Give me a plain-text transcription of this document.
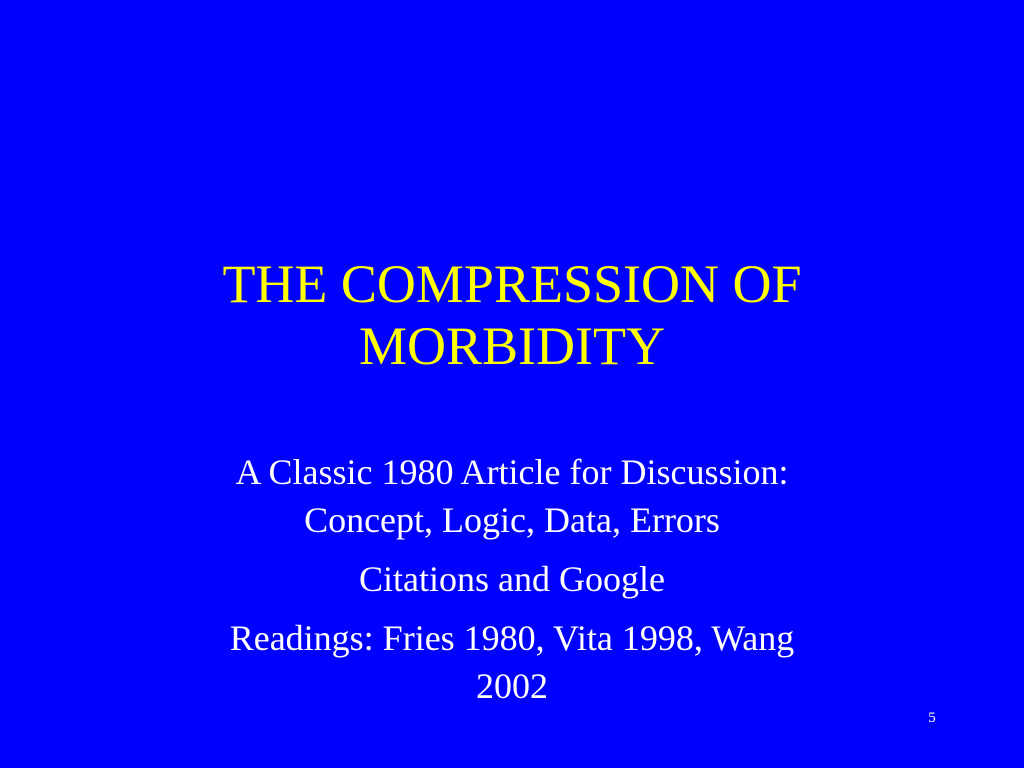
THE COMPRESSION OF MORBIDITY
A Classic 1980 Article for Discussion: Concept, Logic, Data, Errors
Citations and Google
Readings: Fries 1980, Vita 1998, Wang 2002
5
